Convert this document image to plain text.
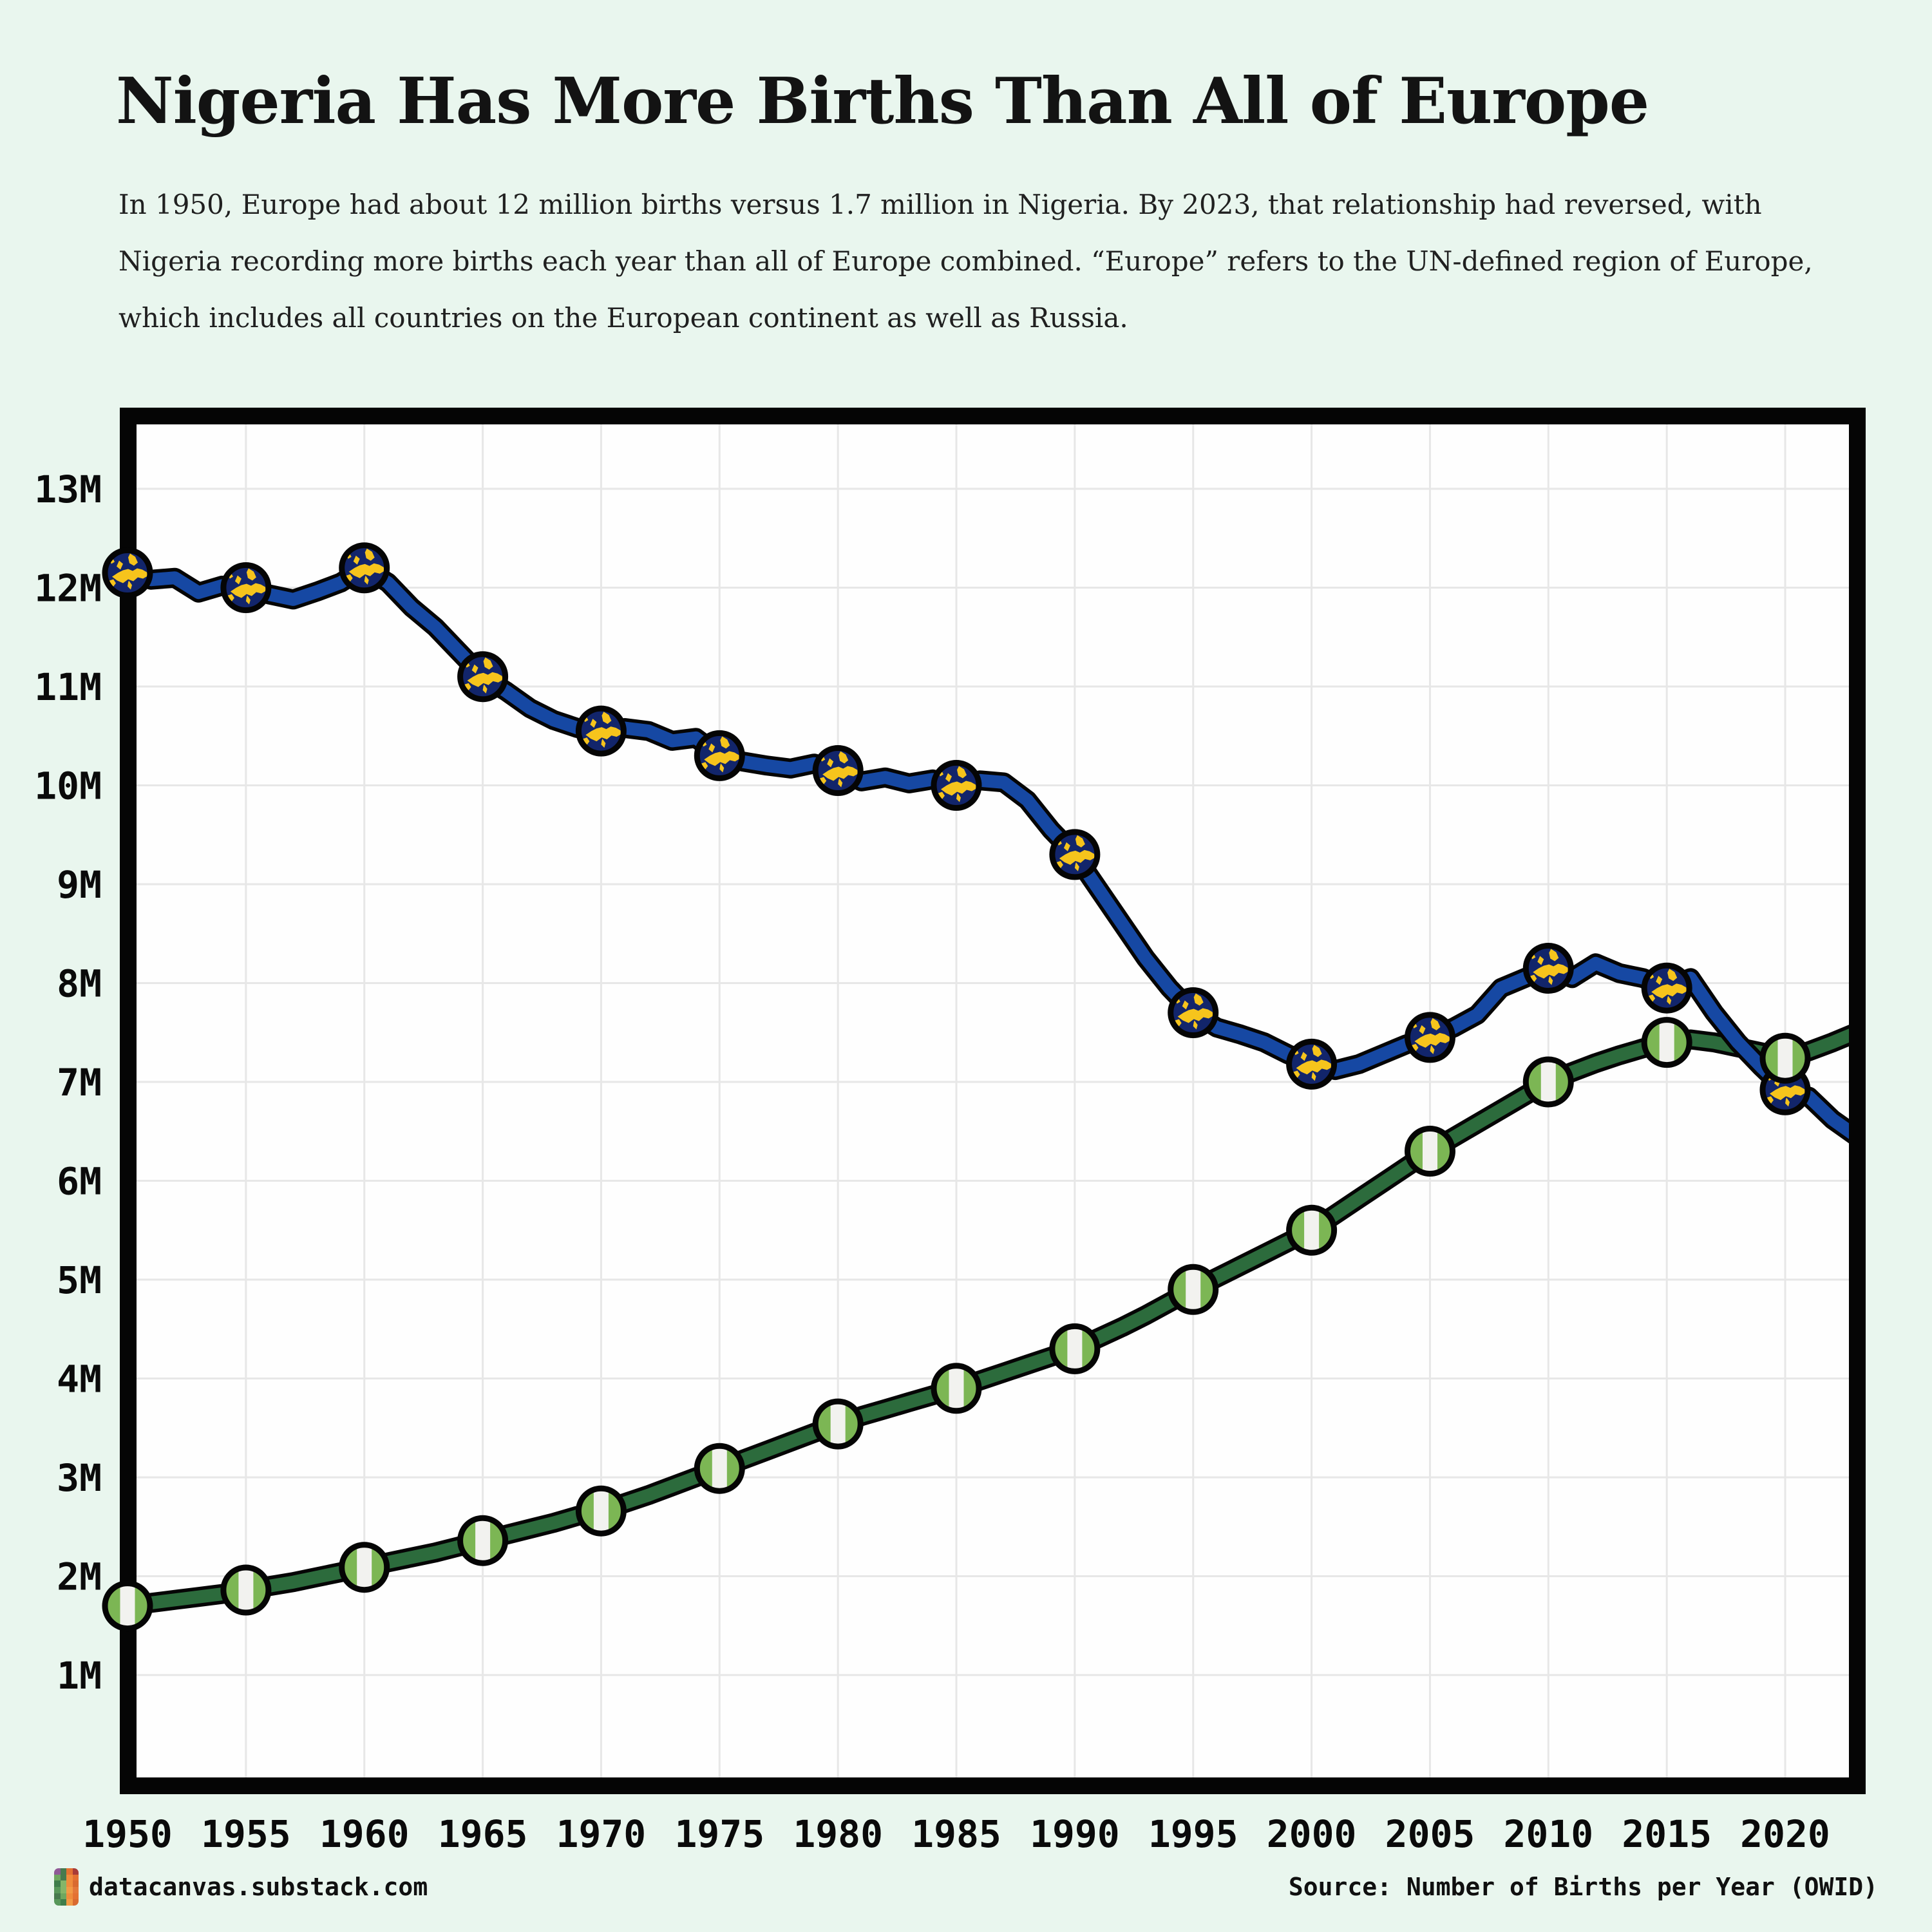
Nigeria Has More Births Than All of Europe
In 1950, Europe had about 12 million births versus 1.7 million in Nigeria. By 2023, that relationship had reversed, with
Nigeria recording more births each year than all of Europe combined. “Europe” refers to the UN-defined region of Europe,
which includes all countries on the European continent as well as Russia.
1M
2M
3M
4M
5M
6M
7M
8M
9M
10M
11M
12M
13M
1950 1955 1960 1965 1970 1975 1980 1985 1990 1995 2000 2005 2010 2015 2020
datacanvas.substack.com	Source: Number of Births per Year (OWID)
